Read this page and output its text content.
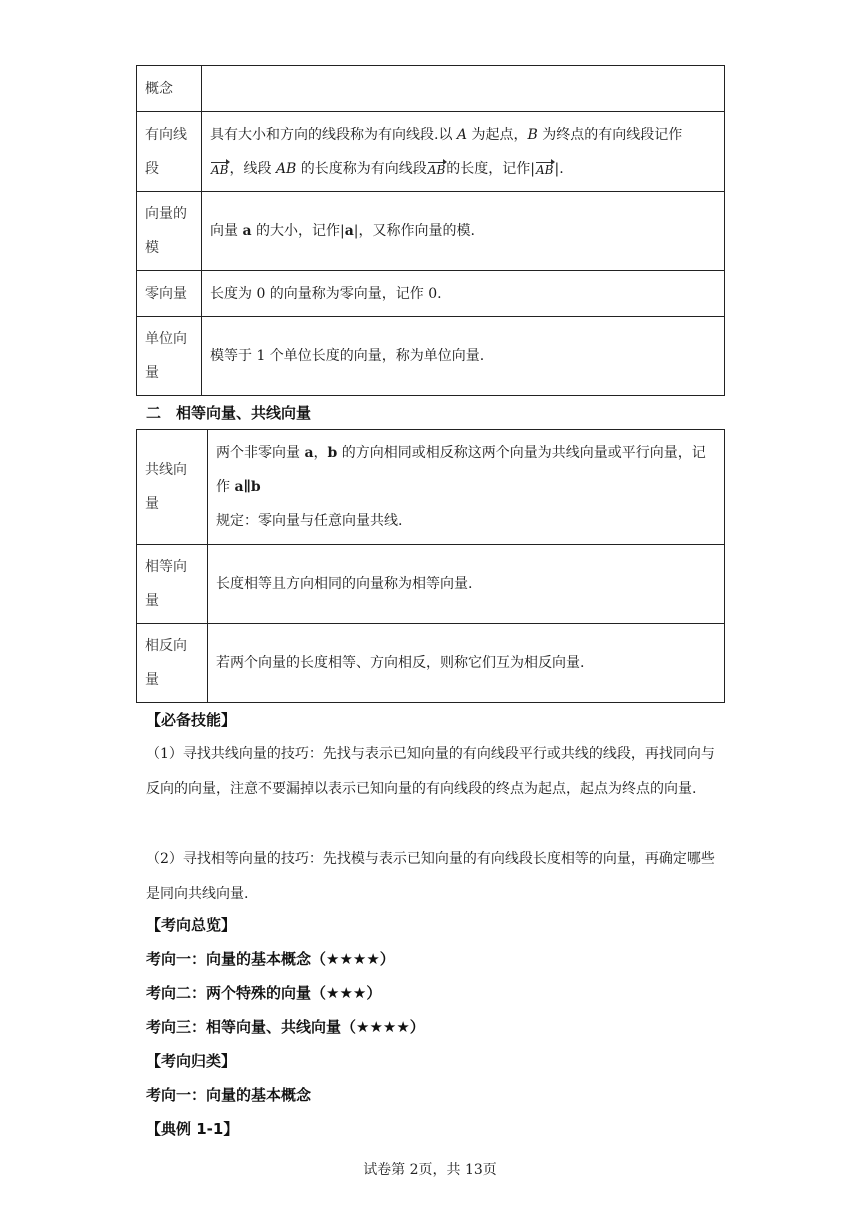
概念	
有向线段	具有大小和方向的线段称为有向线段.以 A 为起点，B 为终点的有向线段记作
AB，线段 AB 的长度称为有向线段AB的长度，记作|AB|.
向量的模	向量 a 的大小，记作|a|，又称作向量的模.
零向量	长度为 0 的向量称为零向量，记作 0.
单位向量	模等于 1 个单位长度的向量，称为单位向量.
二　相等向量、共线向量
共线向量	两个非零向量 a，b 的方向相同或相反称这两个向量为共线向量或平行向量，记作 a∥b
规定：零向量与任意向量共线.
相等向量	长度相等且方向相同的向量称为相等向量.
相反向量	若两个向量的长度相等、方向相反，则称它们互为相反向量.
【必备技能】
（1）寻找共线向量的技巧：先找与表示已知向量的有向线段平行或共线的线段，再找同向与反向的向量，注意不要漏掉以表示已知向量的有向线段的终点为起点，起点为终点的向量.
（2）寻找相等向量的技巧：先找模与表示已知向量的有向线段长度相等的向量，再确定哪些是同向共线向量.
【考向总览】
考向一：向量的基本概念（★★★★）
考向二：两个特殊的向量（★★★）
考向三：相等向量、共线向量（★★★★）
【考向归类】
考向一：向量的基本概念
【典例 1-1】
试卷第 2页，共 13页
